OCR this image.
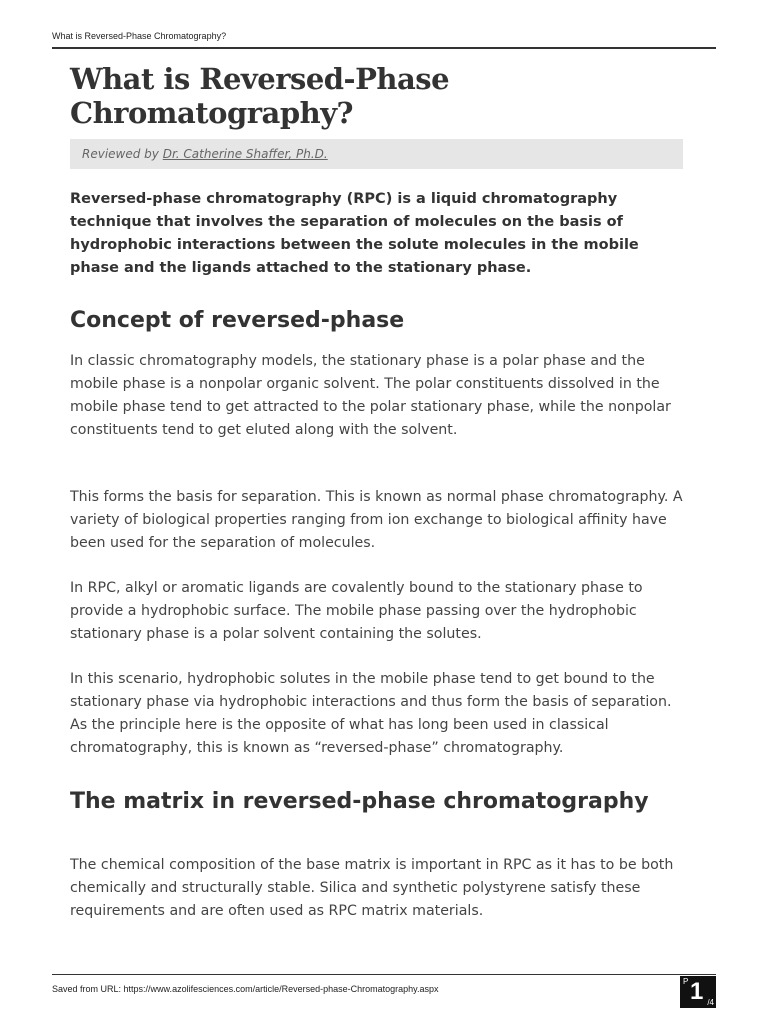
What is Reversed-Phase Chromatography?
What is Reversed-Phase Chromatography?
Reviewed by Dr. Catherine Shaffer, Ph.D.

Reversed-phase chromatography (RPC) is a liquid chromatography technique that involves the separation of molecules on the basis of hydrophobic interactions between the solute molecules in the mobile phase and the ligands attached to the stationary phase.

Concept of reversed-phase

In classic chromatography models, the stationary phase is a polar phase and the mobile phase is a nonpolar organic solvent. The polar constituents dissolved in the mobile phase tend to get attracted to the polar stationary phase, while the nonpolar constituents tend to get eluted along with the solvent.

This forms the basis for separation. This is known as normal phase chromatography. A variety of biological properties ranging from ion exchange to biological affinity have been used for the separation of molecules.

In RPC, alkyl or aromatic ligands are covalently bound to the stationary phase to provide a hydrophobic surface. The mobile phase passing over the hydrophobic stationary phase is a polar solvent containing the solutes.

In this scenario, hydrophobic solutes in the mobile phase tend to get bound to the stationary phase via hydrophobic interactions and thus form the basis of separation. As the principle here is the opposite of what has long been used in classical chromatography, this is known as “reversed-phase” chromatography.

The matrix in reversed-phase chromatography

The chemical composition of the base matrix is important in RPC as it has to be both chemically and structurally stable. Silica and synthetic polystyrene satisfy these requirements and are often used as RPC matrix materials.

Saved from URL: https://www.azolifesciences.com/article/Reversed-phase-Chromatography.aspx
P 1 /4
